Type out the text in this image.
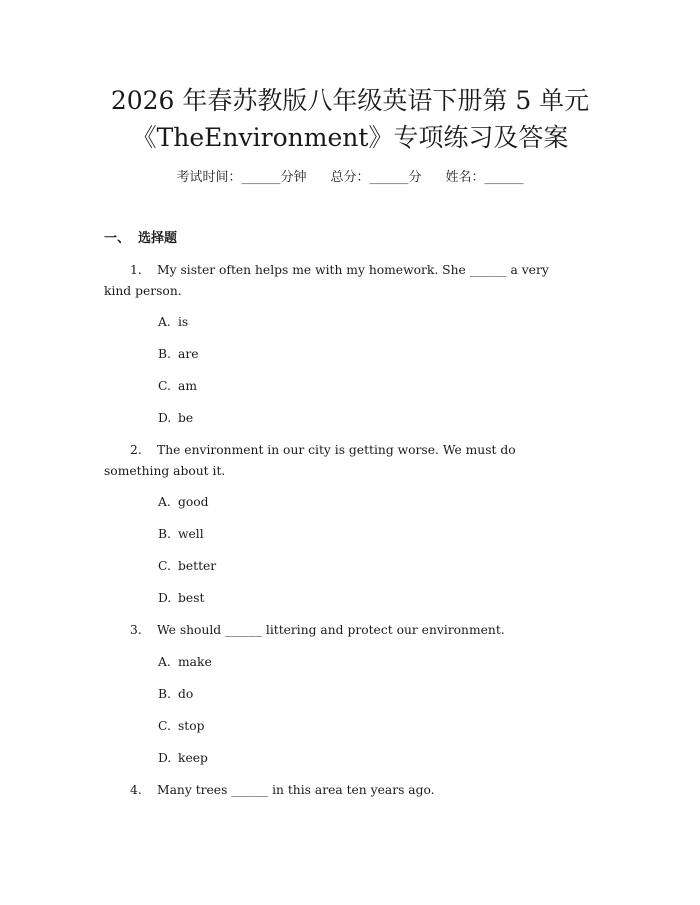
2026 年春苏教版八年级英语下册第 5 单元
《TheEnvironment》专项练习及答案
考试时间：______分钟 总分：______分 姓名：______
一、 选择题
1. My sister often helps me with my homework. She ______ a very
kind person.
A. is
B. are
C. am
D. be
2. The environment in our city is getting worse. We must do
something about it.
A. good
B. well
C. better
D. best
3. We should ______ littering and protect our environment.
A. make
B. do
C. stop
D. keep
4. Many trees ______ in this area ten years ago.
